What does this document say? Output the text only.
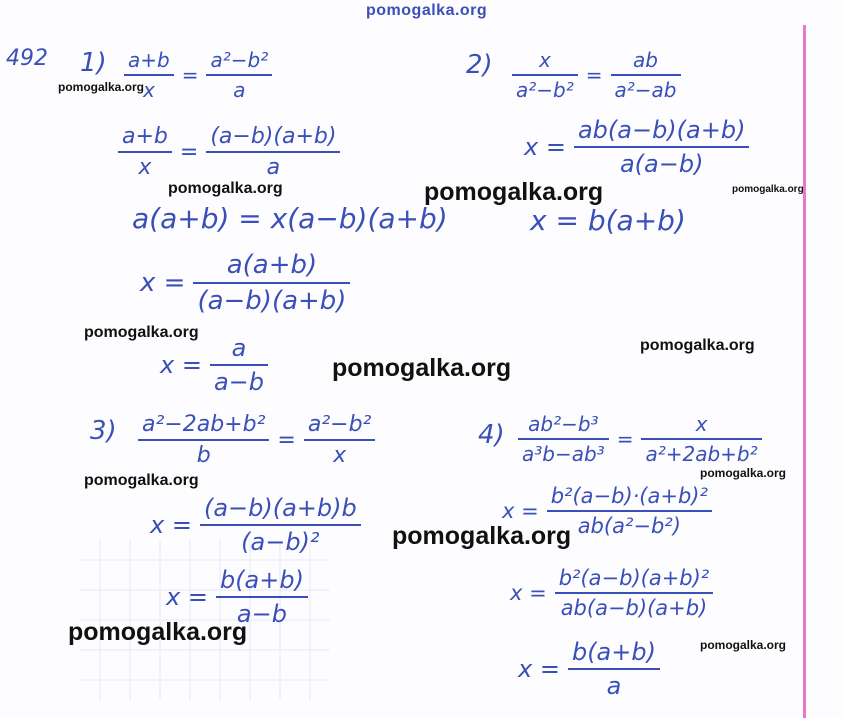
pomogalka.org
pomogalka.org
pomogalka.org	pomogalka.org	pomogalka.org
pomogalka.org
pomogalka.org
pomogalka.org
pomogalka.org	pomogalka.org
pomogalka.org
pomogalka.org	pomogalka.org
492 $1) \frac{a+b}{x} = \frac{\text{a²−b²}}{a}$
$\frac{a+b}{x} = \frac{(a-b)(a+b)}{a}$
a(a+b) = x(a−b)(a+b)
$x = \frac{a(a+b)}{(a-b)(a+b)}$
$x = \frac{a}{a-b}$
$2) \frac{x}{\text{a²−b²}} = \frac{ab}{\text{a²−ab}}$
$x = \frac{ab(a-b)(a+b)}{a(a-b)}$
x = b(a+b)
$3) \frac{\text{a²−2ab+b²}}{b} = \frac{\text{a²−b²}}{x}$
$x = \frac{(a-b)(a+b)b}{\text{(a−b)²}}$
$x = \frac{b(a+b)}{a-b}$
$4) \frac{\text{ab²−b³}}{\text{a³b−ab³}} = \frac{x}{\text{a²+2ab+b²}}$
$x = \frac{\text{b²(a−b)·(a+b)²}}{\text{ab(a²−b²)}}$
$x = \frac{\text{b²(a−b)(a+b)²}}{ab(a-b)(a+b)}$
$x = \frac{b(a+b)}{a}$
